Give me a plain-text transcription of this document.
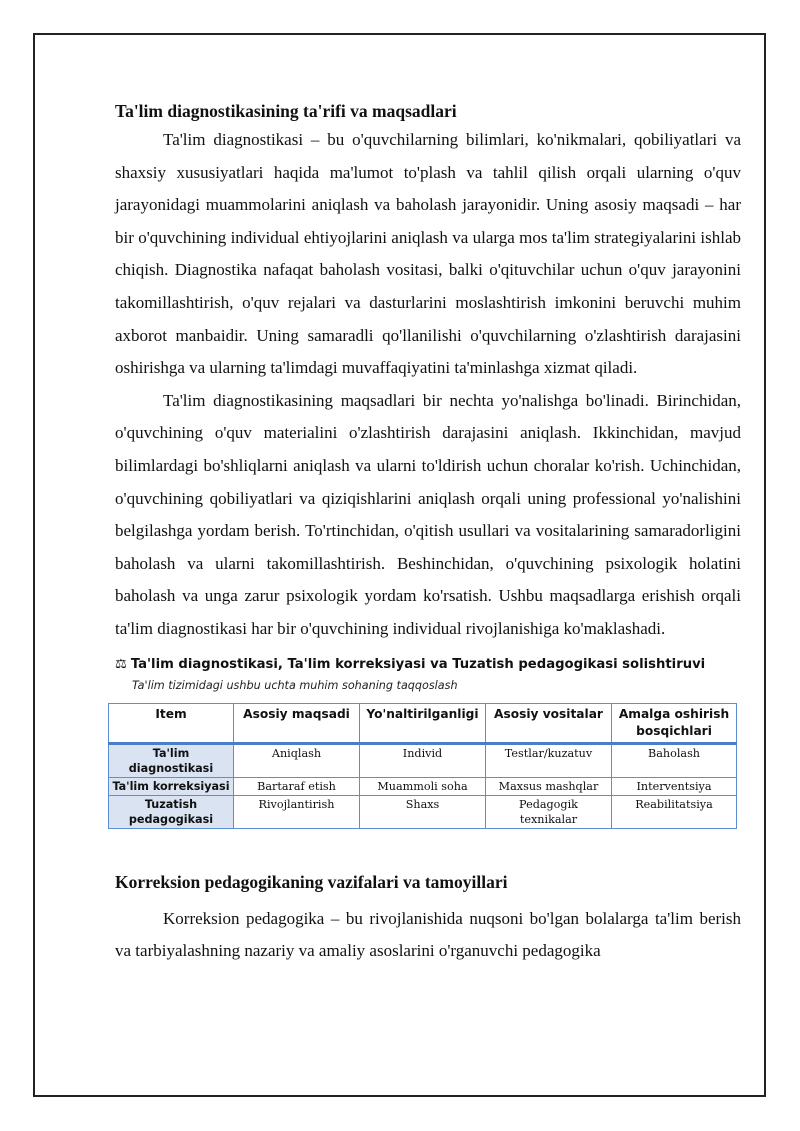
Ta'lim diagnostikasining ta'rifi va maqsadlari

Ta'lim diagnostikasi – bu o'quvchilarning bilimlari, ko'nikmalari, qobiliyatlari va shaxsiy xususiyatlari haqida ma'lumot to'plash va tahlil qilish orqali ularning o'quv jarayonidagi muammolarini aniqlash va baholash jarayonidir. Uning asosiy maqsadi – har bir o'quvchining individual ehtiyojlarini aniqlash va ularga mos ta'lim strategiyalarini ishlab chiqish. Diagnostika nafaqat baholash vositasi, balki o'qituvchilar uchun o'quv jarayonini takomillashtirish, o'quv rejalari va dasturlarini moslashtirish imkonini beruvchi muhim axborot manbaidir. Uning samaradli qo'llanilishi o'quvchilarning o'zlashtirish darajasini oshirishga va ularning ta'limdagi muvaffaqiyatini ta'minlashga xizmat qiladi.

Ta'lim diagnostikasining maqsadlari bir nechta yo'nalishga bo'linadi. Birinchidan, o'quvchining o'quv materialini o'zlashtirish darajasini aniqlash. Ikkinchidan, mavjud bilimlardagi bo'shliqlarni aniqlash va ularni to'ldirish uchun choralar ko'rish. Uchinchidan, o'quvchining qobiliyatlari va qiziqishlarini aniqlash orqali uning professional yo'nalishini belgilashga yordam berish. To'rtinchidan, o'qitish usullari va vositalarining samaradorligini baholash va ularni takomillashtirish. Beshinchidan, o'quvchining psixologik holatini baholash va unga zarur psixologik yordam ko'rsatish. Ushbu maqsadlarga erishish orqali ta'lim diagnostikasi har bir o'quvchining individual rivojlanishiga ko'maklashadi.

⚖ Ta'lim diagnostikasi, Ta'lim korreksiyasi va Tuzatish pedagogikasi solishtiruvi
Ta'lim tizimidagi ushbu uchta muhim sohaning taqqoslash
Item	Asosiy maqsadi	Yo'naltirilganligi	Asosiy vositalar	Amalga oshirish bosqichlari
Ta'lim diagnostikasi	Aniqlash	Individ	Testlar/kuzatuv	Baholash
Ta'lim korreksiyasi	Bartaraf etish	Muammoli soha	Maxsus mashqlar	Interventsiya
Tuzatish pedagogikasi	Rivojlantirish	Shaxs	Pedagogik texnikalar	Reabilitatsiya
Korreksion pedagogikaning vazifalari va tamoyillari

Korreksion pedagogika – bu rivojlanishida nuqsoni bo'lgan bolalarga ta'lim berish va tarbiyalashning nazariy va amaliy asoslarini o'rganuvchi pedagogika
